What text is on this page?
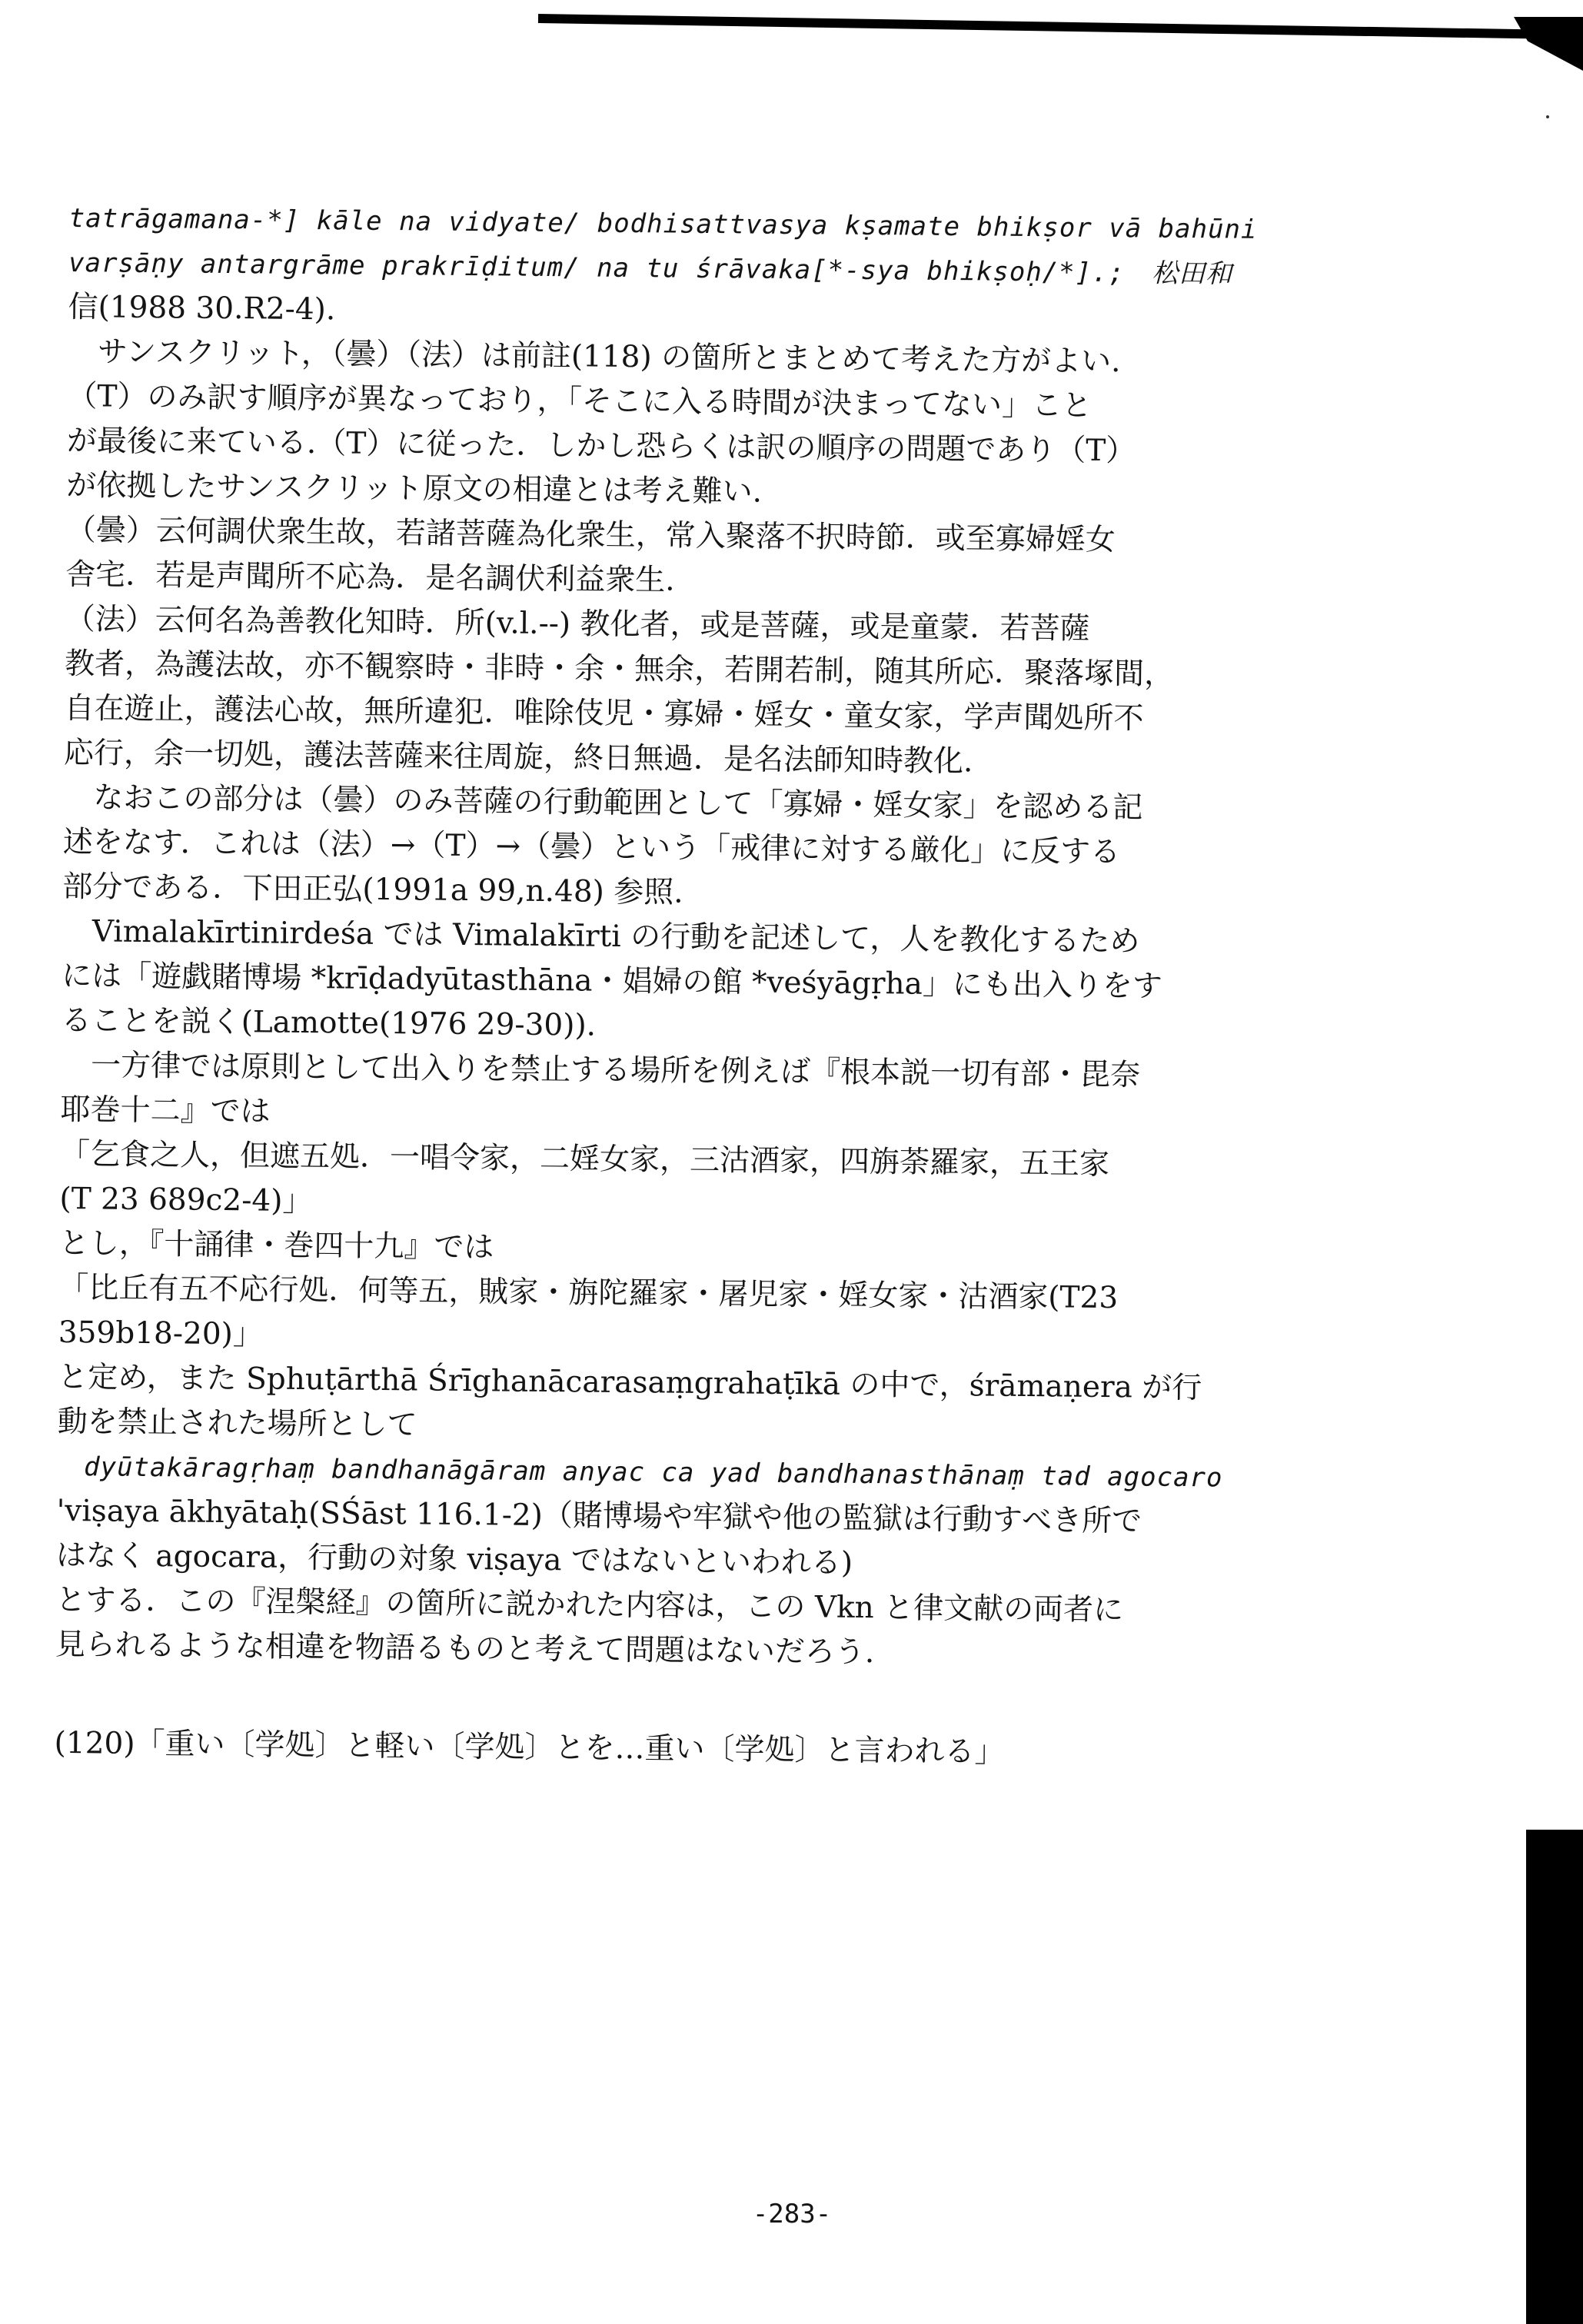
tatrāgamana-*] kāle na vidyate/ bodhisattvasya kṣamate bhikṣor vā bahūni
varṣāṇy antargrāme prakrīḍitum/ na tu śrāvaka[*-sya bhikṣoḥ/*].;　松田和
信(1988 30.R2-4).
　サンスクリット，（曇）（法）は前註(118) の箇所とまとめて考えた方がよい.
（T）のみ訳す順序が異なっており，「そこに入る時間が決まってない」こと
が最後に来ている.（T）に従った．しかし恐らくは訳の順序の問題であり（T）
が依拠したサンスクリット原文の相違とは考え難い.
（曇）云何調伏衆生故，若諸菩薩為化衆生，常入聚落不択時節．或至寡婦婬女
舎宅．若是声聞所不応為．是名調伏利益衆生.
（法）云何名為善教化知時．所(v.l.--) 教化者，或是菩薩，或是童蒙．若菩薩
教者，為護法故，亦不観察時・非時・余・無余，若開若制，随其所応．聚落塚間，
自在遊止，護法心故，無所違犯．唯除伎児・寡婦・婬女・童女家，学声聞処所不
応行，余一切処，護法菩薩来往周旋，終日無過．是名法師知時教化.
　なおこの部分は（曇）のみ菩薩の行動範囲として「寡婦・婬女家」を認める記
述をなす．これは（法）→（T）→（曇）という「戒律に対する厳化」に反する
部分である．下田正弘(1991a 99,n.48) 参照.
　Vimalakīrtinirdeśa では Vimalakīrti の行動を記述して，人を教化するため
には「遊戯賭博場 *krīḍadyūtasthāna・娼婦の館 *veśyāgṛha」にも出入りをす
ることを説く(Lamotte(1976 29-30)).
　一方律では原則として出入りを禁止する場所を例えば『根本説一切有部・毘奈
耶巻十二』では
「乞食之人，但遮五処．一唱令家，二婬女家，三沽酒家，四旃荼羅家，五王家
(T 23 689c2-4)」
とし，『十誦律・巻四十九』では
「比丘有五不応行処．何等五，賊家・旃陀羅家・屠児家・婬女家・沽酒家(T23
359b18-20)」
と定め，また Sphuṭārthā Śrīghanācarasaṃgrahaṭīkā の中で，śrāmaṇera が行
動を禁止された場所として
　dyūtakāragṛhaṃ bandhanāgāram anyac ca yad bandhanasthānaṃ tad agocaro
'viṣaya ākhyātaḥ(SŚāst 116.1-2)（賭博場や牢獄や他の監獄は行動すべき所で
はなく agocara，行動の対象 viṣaya ではないといわれる)
とする．この『涅槃経』の箇所に説かれた内容は，この Vkn と律文献の両者に
見られるような相違を物語るものと考えて問題はないだろう.
(120)「重い〔学処〕と軽い〔学処〕とを…重い〔学処〕と言われる」
-283-
